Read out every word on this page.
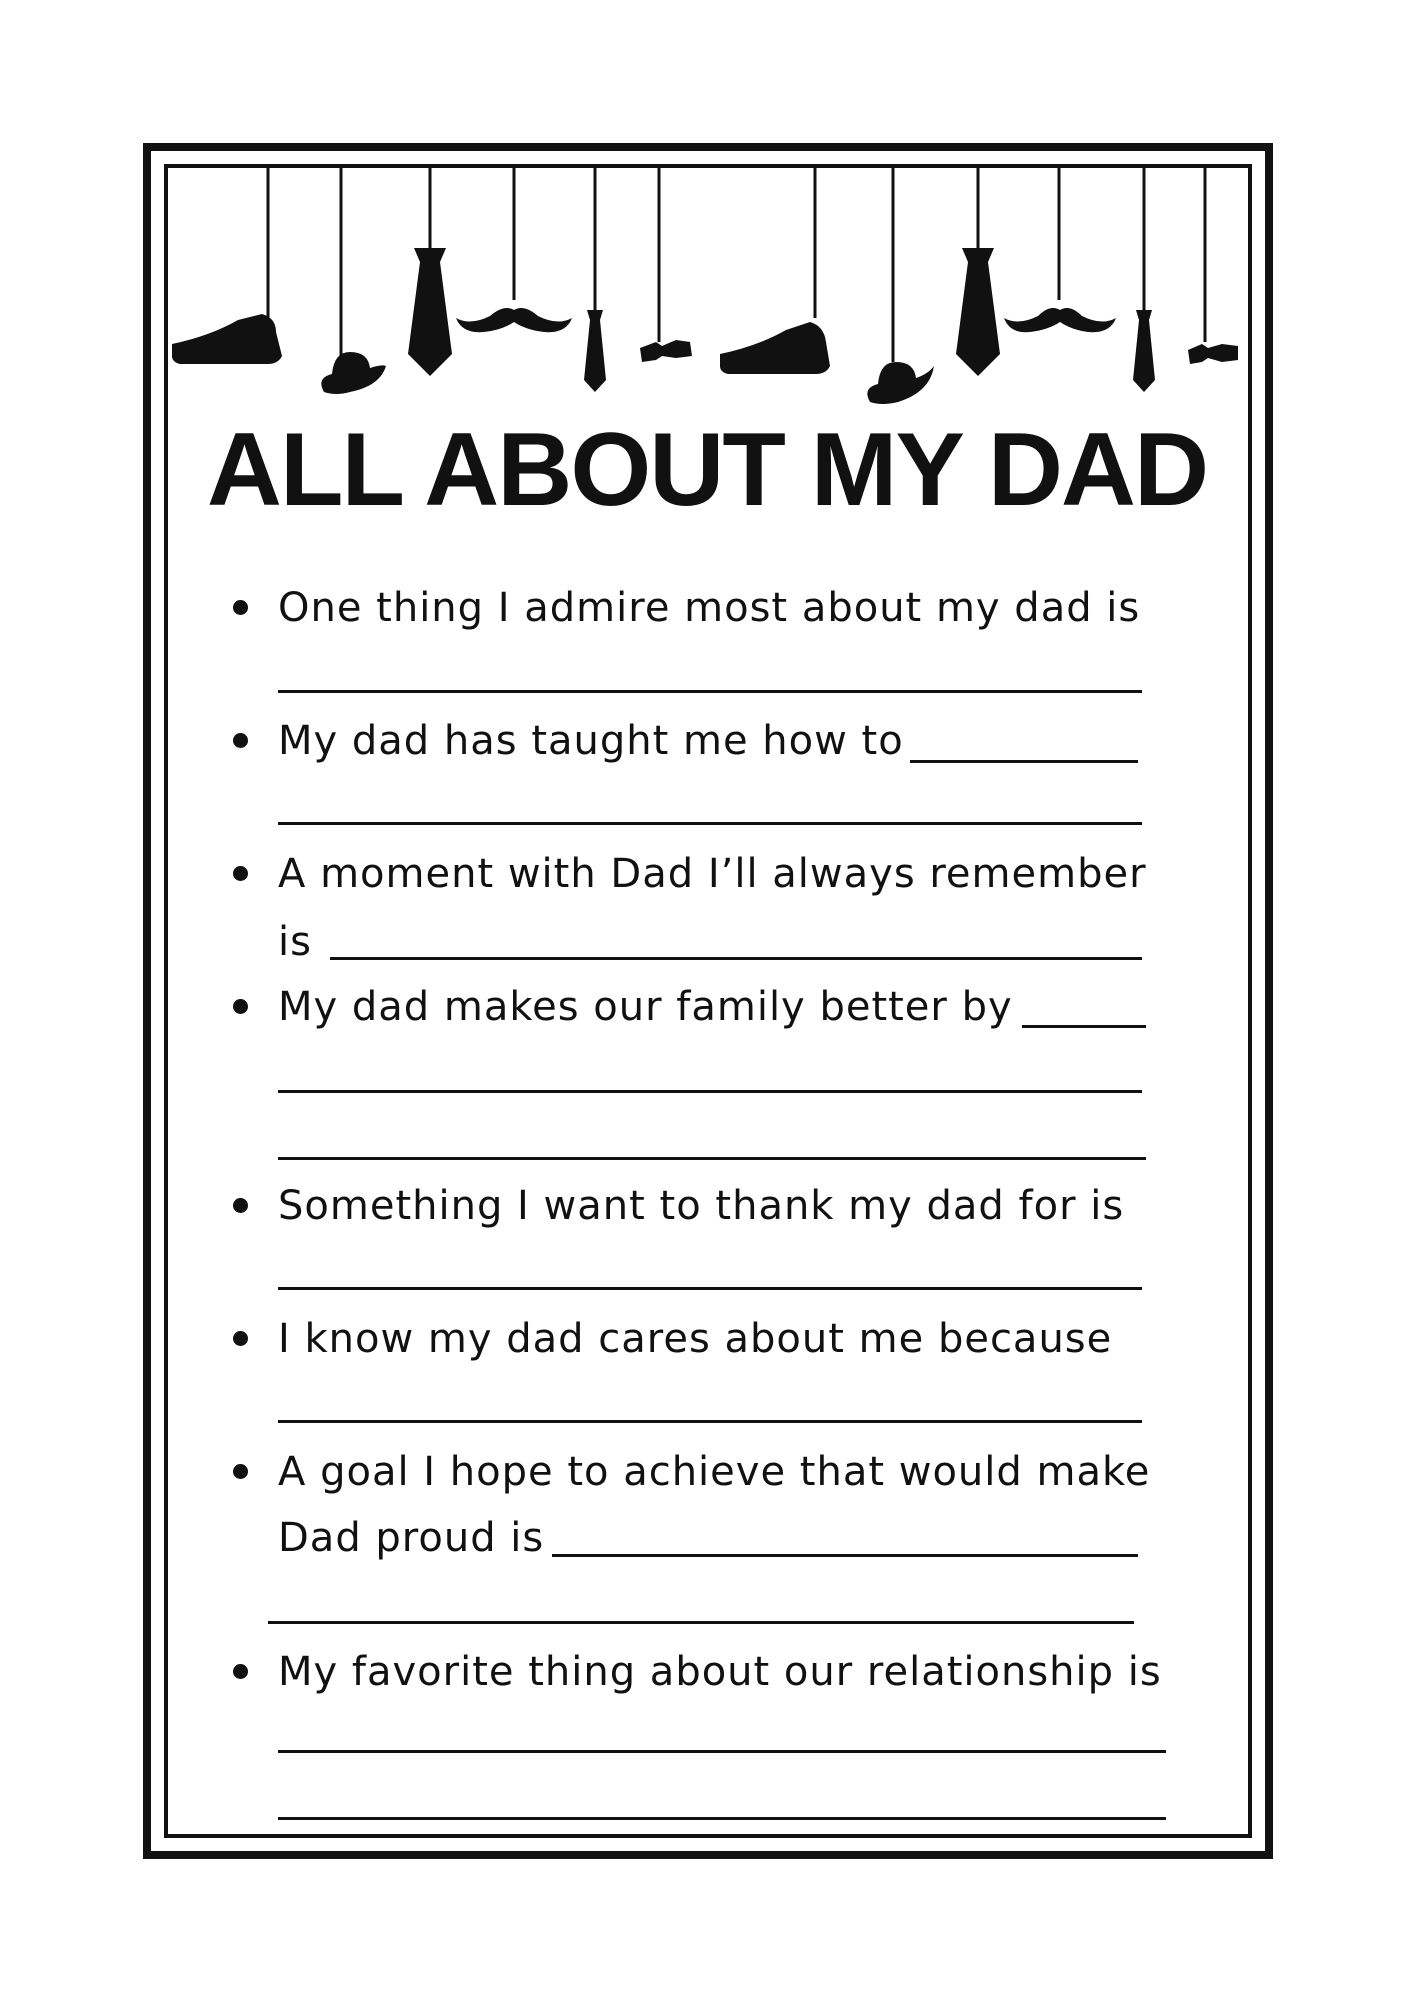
ALL ABOUT MY DAD
One thing I admire most about my dad is
My dad has taught me how to
A moment with Dad I’ll always remember
is
My dad makes our family better by
Something I want to thank my dad for is
I know my dad cares about me because
A goal I hope to achieve that would make
Dad proud is
My favorite thing about our relationship is
